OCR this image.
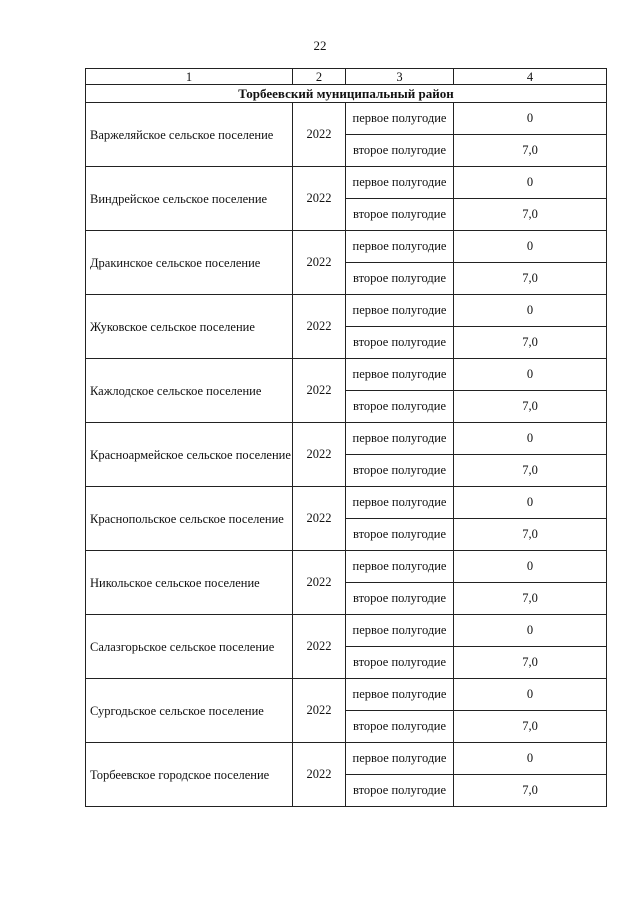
22
1	2	3	4
Торбеевский муниципальный район			
Варжеляйское сельское поселение	2022	первое полугодие	0
		второе полугодие	7,0
Виндрейское сельское поселение	2022	первое полугодие	0
		второе полугодие	7,0
Дракинское сельское поселение	2022	первое полугодие	0
		второе полугодие	7,0
Жуковское сельское поселение	2022	первое полугодие	0
		второе полугодие	7,0
Кажлодское сельское поселение	2022	первое полугодие	0
		второе полугодие	7,0
Красноармейское сельское поселение	2022	первое полугодие	0
		второе полугодие	7,0
Краснопольское сельское поселение	2022	первое полугодие	0
		второе полугодие	7,0
Никольское сельское поселение	2022	первое полугодие	0
		второе полугодие	7,0
Салазгорьское сельское поселение	2022	первое полугодие	0
		второе полугодие	7,0
Сургодьское сельское поселение	2022	первое полугодие	0
		второе полугодие	7,0
Торбеевское городское поселение	2022	первое полугодие	0
		второе полугодие	7,0
